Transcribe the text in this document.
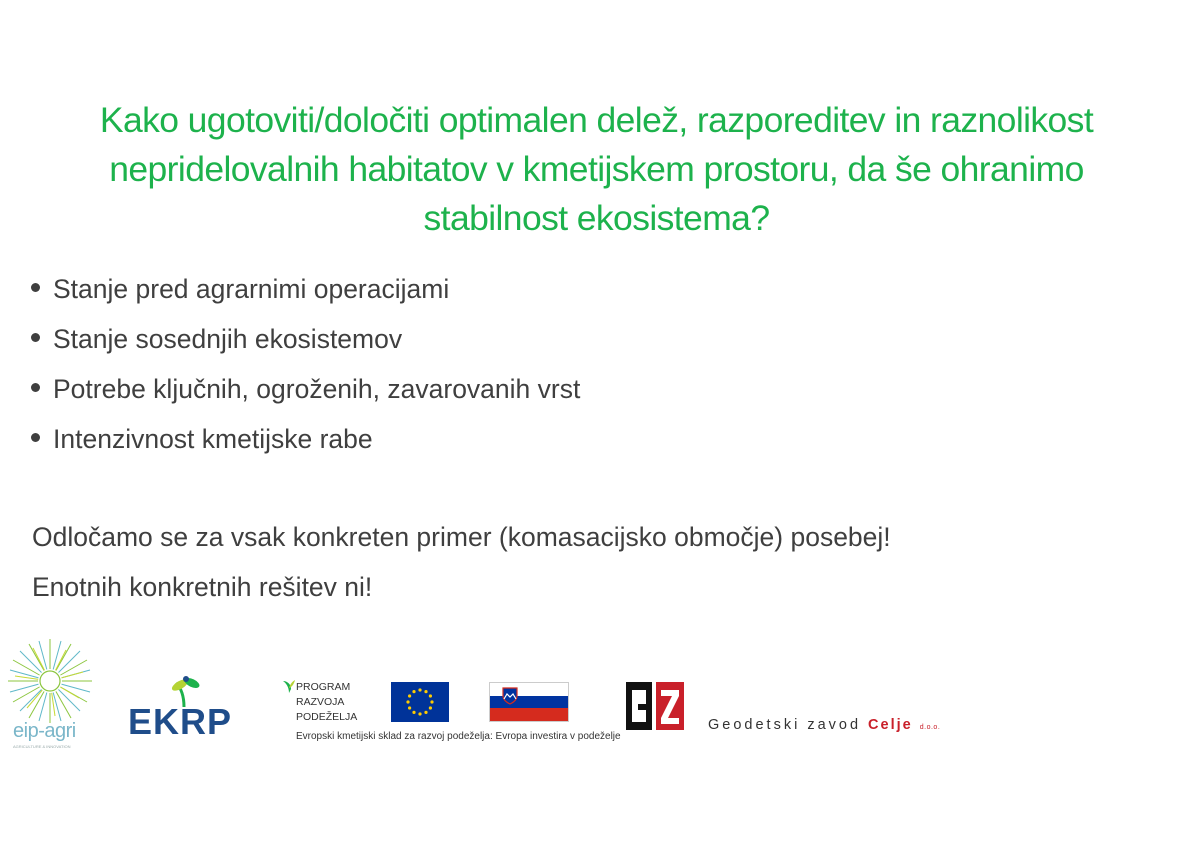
Kako ugotoviti/določiti optimalen delež, razporeditev in raznolikost
nepridelovalnih habitatov v kmetijskem prostoru, da še ohranimo
stabilnost ekosistema?
Stanje pred agrarnimi operacijami
Stanje sosednjih ekosistemov
Potrebe ključnih, ogroženih, zavarovanih vrst
Intenzivnost kmetijske rabe
Odločamo se za vsak konkreten primer (komasacijsko območje) posebej!
Enotnih konkretnih rešitev ni!
eip-agri
AGRICULTURE & INNOVATION
EKRP
PROGRAM
RAZVOJA
PODEŽELJA
Evropski kmetijski sklad za razvoj podeželja: Evropa investira v podeželje
Geodetski zavod Celje d.o.o.
